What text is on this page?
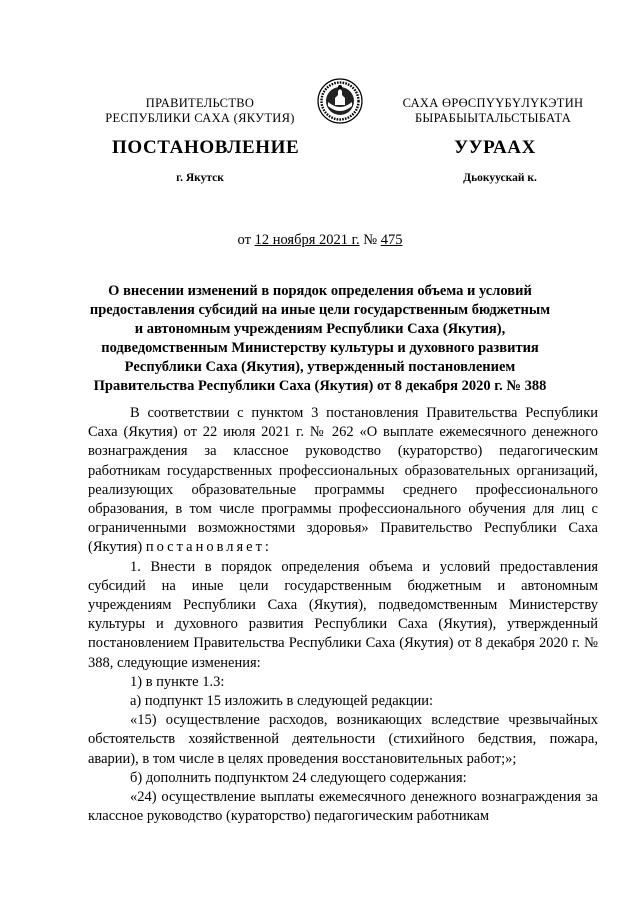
ПРАВИТЕЛЬСТВО
РЕСПУБЛИКИ САХА (ЯКУТИЯ)
САХА ӨРӨСПҮҮБҮЛҮКЭТИН
БЫРАБЫЫТАЛЬСТЫБАТА
ПОСТАНОВЛЕНИЕ	УУРААХ
г. Якутск	Дьокуускай к.
от 12 ноября 2021 г. № 475
О внесении изменений в порядок определения объема и условий
предоставления субсидий на иные цели государственным бюджетным
и автономным учреждениям Республики Саха (Якутия),
подведомственным Министерству культуры и духовного развития
Республики Саха (Якутия), утвержденный постановлением
Правительства Республики Саха (Якутия) от 8 декабря 2020 г. № 388

В соответствии с пунктом 3 постановления Правительства Республики Саха (Якутия) от 22 июля 2021 г. № 262 «О выплате ежемесячного денежного вознаграждения за классное руководство (кураторство) педагогическим работникам государственных профессиональных образовательных организаций, реализующих образовательные программы среднего профессионального образования, в том числе программы профессионального обучения для лиц с ограниченными возможностями здоровья» Правительство Республики Саха (Якутия) постановляет:

1. Внести в порядок определения объема и условий предоставления субсидий на иные цели государственным бюджетным и автономным учреждениям Республики Саха (Якутия), подведомственным Министерству культуры и духовного развития Республики Саха (Якутия), утвержденный постановлением Правительства Республики Саха (Якутия) от 8 декабря 2020 г. № 388, следующие изменения:

1) в пункте 1.3:

а) подпункт 15 изложить в следующей редакции:

«15) осуществление расходов, возникающих вследствие чрезвычайных обстоятельств хозяйственной деятельности (стихийного бедствия, пожара, аварии), в том числе в целях проведения восстановительных работ;»;

б) дополнить подпунктом 24 следующего содержания:

«24) осуществление выплаты ежемесячного денежного вознаграждения за классное руководство (кураторство) педагогическим работникам
